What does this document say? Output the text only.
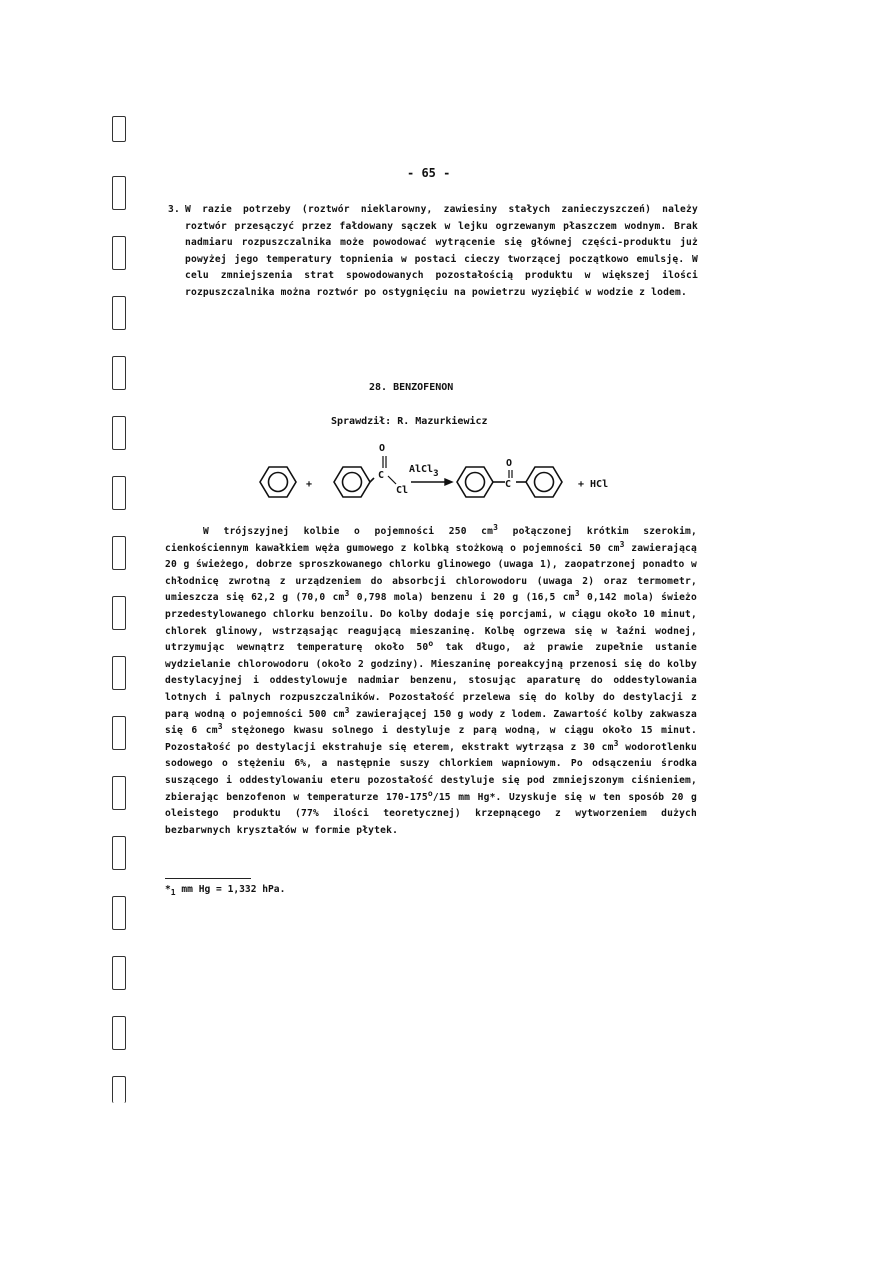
- 65 -
3. W razie potrzeby (roztwór nieklarowny, zawiesiny stałych zanieczyszczeń) należy roztwór przesączyć przez fałdowany sączek w lejku ogrzewanym płaszczem wodnym. Brak nadmiaru rozpuszczalnika może powodować wytrącenie się głównej części-produktu już powyżej jego temperatury topnienia w postaci cieczy tworzącej początkowo emulsję. W celu zmniejszenia strat spowodowanych pozostałością produktu w większej ilości rozpuszczalnika można roztwór po ostygnięciu na powietrzu wyziębić w wodzie z lodem.
28. BENZOFENON
Sprawdził: R. Mazurkiewicz
+
O
C
Cl
AlCl3
O
C	+ HCl
W trójszyjnej kolbie o pojemności 250 $cm^3$ połączonej krótkim szerokim, cienkościennym kawałkiem węża gumowego z kolbką stożkową o pojemności 50 $cm^3$ zawierającą 20 g świeżego, dobrze sproszkowanego chlorku glinowego (uwaga 1), zaopatrzonej ponadto w chłodnicę zwrotną z urządzeniem do absorbcji chlorowodoru (uwaga 2) oraz termometr, umieszcza się 62,2 g (70,0 $cm^3$ 0,798 mola) benzenu i 20 g (16,5 $cm^3$ 0,142 mola) świeżo przedestylowanego chlorku benzoilu. Do kolby dodaje się porcjami, w ciągu około 10 minut, chlorek glinowy, wstrząsając reagującą mieszaninę. Kolbę ogrzewa się w łaźni wodnej, utrzymując wewnątrz temperaturę około 50$^o$ tak długo, aż prawie zupełnie ustanie wydzielanie chlorowodoru (około 2 godziny). Mieszaninę poreakcyjną przenosi się do kolby destylacyjnej i oddestylowuje nadmiar benzenu, stosując aparaturę do oddestylowania lotnych i palnych rozpuszczalników. Pozostałość przelewa się do kolby do destylacji z parą wodną o pojemności 500 $cm^3$ zawierającej 150 g wody z lodem. Zawartość kolby zakwasza się 6 $cm^3$ stężonego kwasu solnego i destyluje z parą wodną, w ciągu około 15 minut. Pozostałość po destylacji ekstrahuje się eterem, ekstrakt wytrząsa z 30 $cm^3$ wodorotlenku sodowego o stężeniu 6%, a następnie suszy chlorkiem wapniowym. Po odsączeniu środka suszącego i oddestylowaniu eteru pozostałość destyluje się pod zmniejszonym ciśnieniem, zbierając benzofenon w temperaturze 170-175$^o$/15 mm Hg*. Uzyskuje się w ten sposób 20 g oleistego produktu (77% ilości teoretycznej) krzepnącego z wytworzeniem dużych bezbarwnych kryształów w formie płytek.
$*_1$ mm Hg = 1,332 hPa.
